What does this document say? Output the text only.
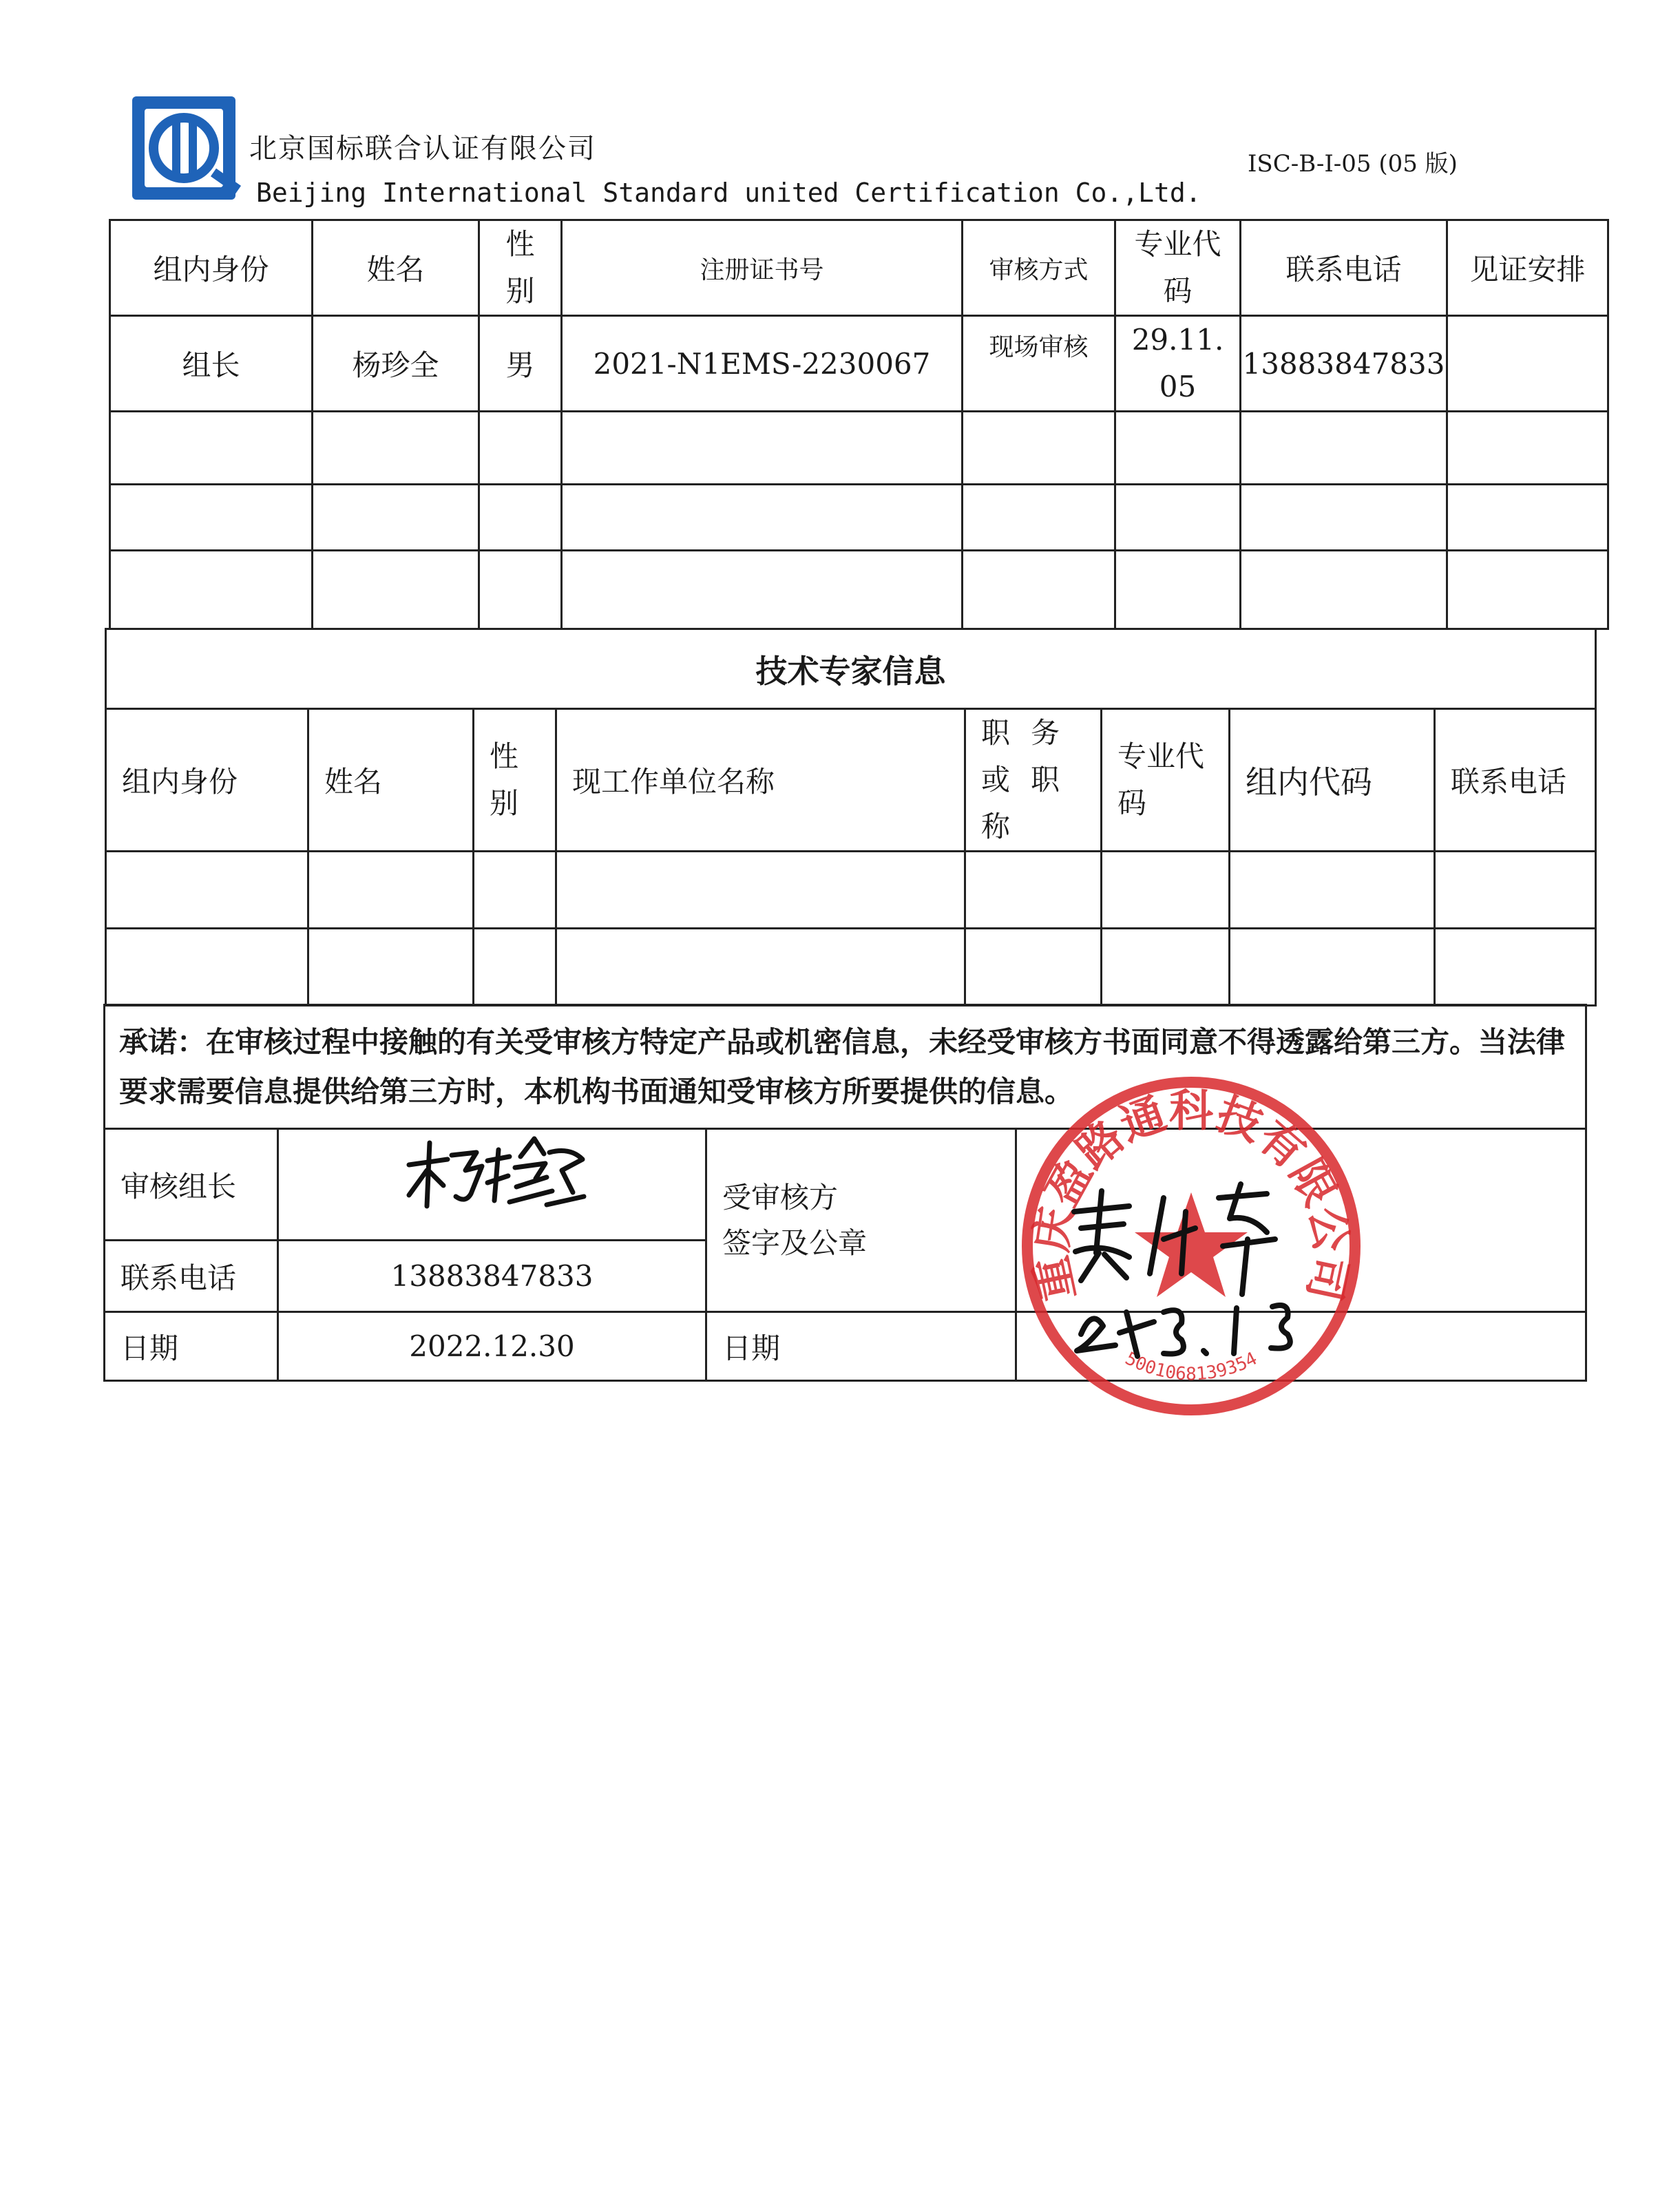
北京国标联合认证有限公司
Beijing International Standard united Certification Co.,Ltd.
ISC-B-I-05 (05 版)
组内身份	姓名	性别	注册证书号	审核方式	专业代码	联系电话	见证安排
组长	杨珍全	男	2021-N1EMS-2230067	现场审核	29.11.05	13883847833	

技术专家信息							
组内身份	姓名	性别	现工作单位名称	职务或职称	专业代码	组内代码	联系电话

承诺：在审核过程中接触的有关受审核方特定产品或机密信息，未经受审核方书面同意不得透露给第三方。当法律要求需要信息提供给第三方时，本机构书面通知受审核方所要提供的信息。			
审核组长		受审核方
签字及公章	

联系电话	13883847833		
日期	2022.12.30	日期	
重庆盈路通科技有限公司
5001068139354
